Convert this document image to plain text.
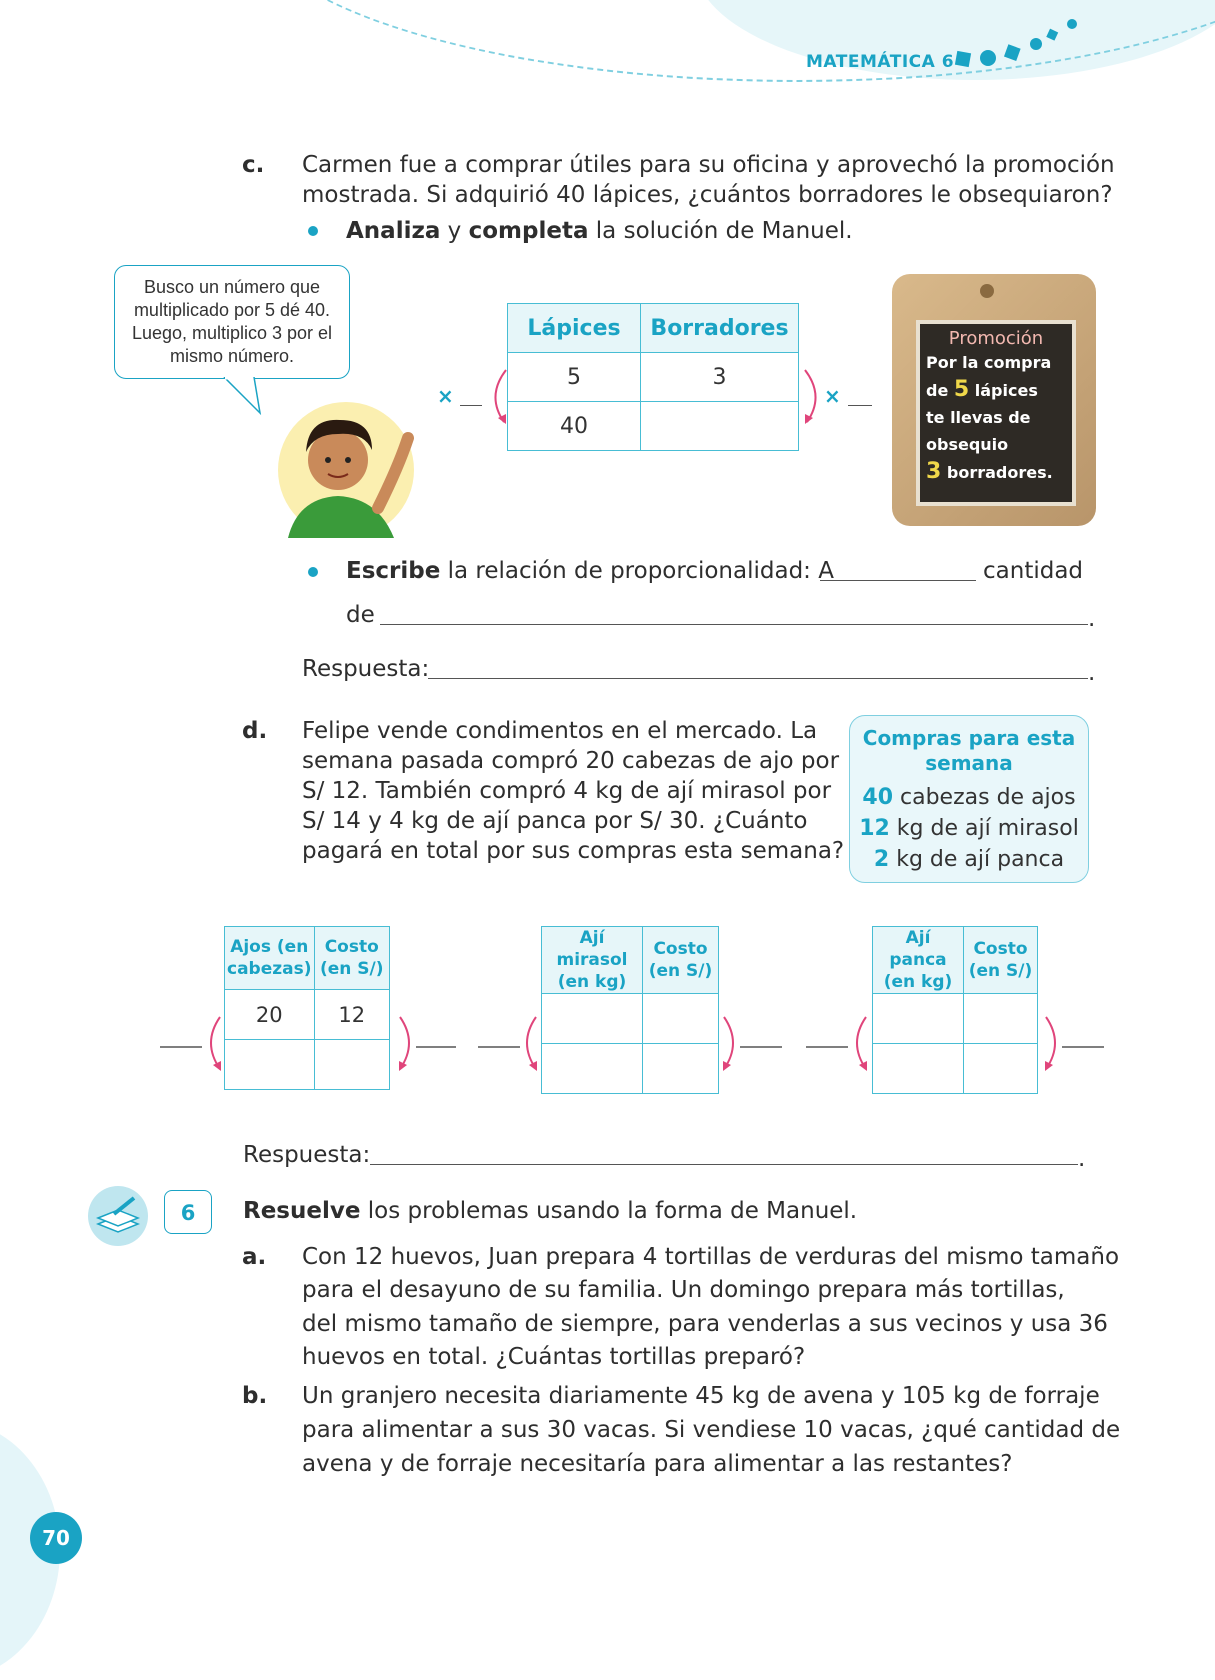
MATEMÁTICA 6
70
c. Carmen fue a comprar útiles para su oficina y aprovechó la promoción
mostrada. Si adquirió 40 lápices, ¿cuántos borradores le obsequiaron?
Analiza y completa la solución de Manuel.
Busco un número que
multiplicado por 5 dé 40.
Luego, multiplico 3 por el
mismo número.
Lápices	Borradores
5	3
40	
×	×
Promoción
Por la compra
de 5 lápices
te llevas de
obsequio
3 borradores.
Escribe la relación de proporcionalidad: A	cantidad
de	.
Respuesta:	.
d. Felipe vende condimentos en el mercado. La
semana pasada compró 20 cabezas de ajo por
S/ 12. También compró 4 kg de ají mirasol por
S/ 14 y 4 kg de ají panca por S/ 30. ¿Cuánto
pagará en total por sus compras esta semana?
Compras para esta
semana
40 cabezas de ajos
12 kg de ají mirasol
2 kg de ají panca
Ajos (en
cabezas)	Costo
(en S/)
20	12

Ají mirasol
(en kg)	Costo
(en S/)

Ají panca
(en kg)	Costo
(en S/)

Respuesta:	.
6	Resuelve los problemas usando la forma de Manuel.
a. Con 12 huevos, Juan prepara 4 tortillas de verduras del mismo tamaño
para el desayuno de su familia. Un domingo prepara más tortillas,
del mismo tamaño de siempre, para venderlas a sus vecinos y usa 36
huevos en total. ¿Cuántas tortillas preparó?
b. Un granjero necesita diariamente 45 kg de avena y 105 kg de forraje
para alimentar a sus 30 vacas. Si vendiese 10 vacas, ¿qué cantidad de
avena y de forraje necesitaría para alimentar a las restantes?
